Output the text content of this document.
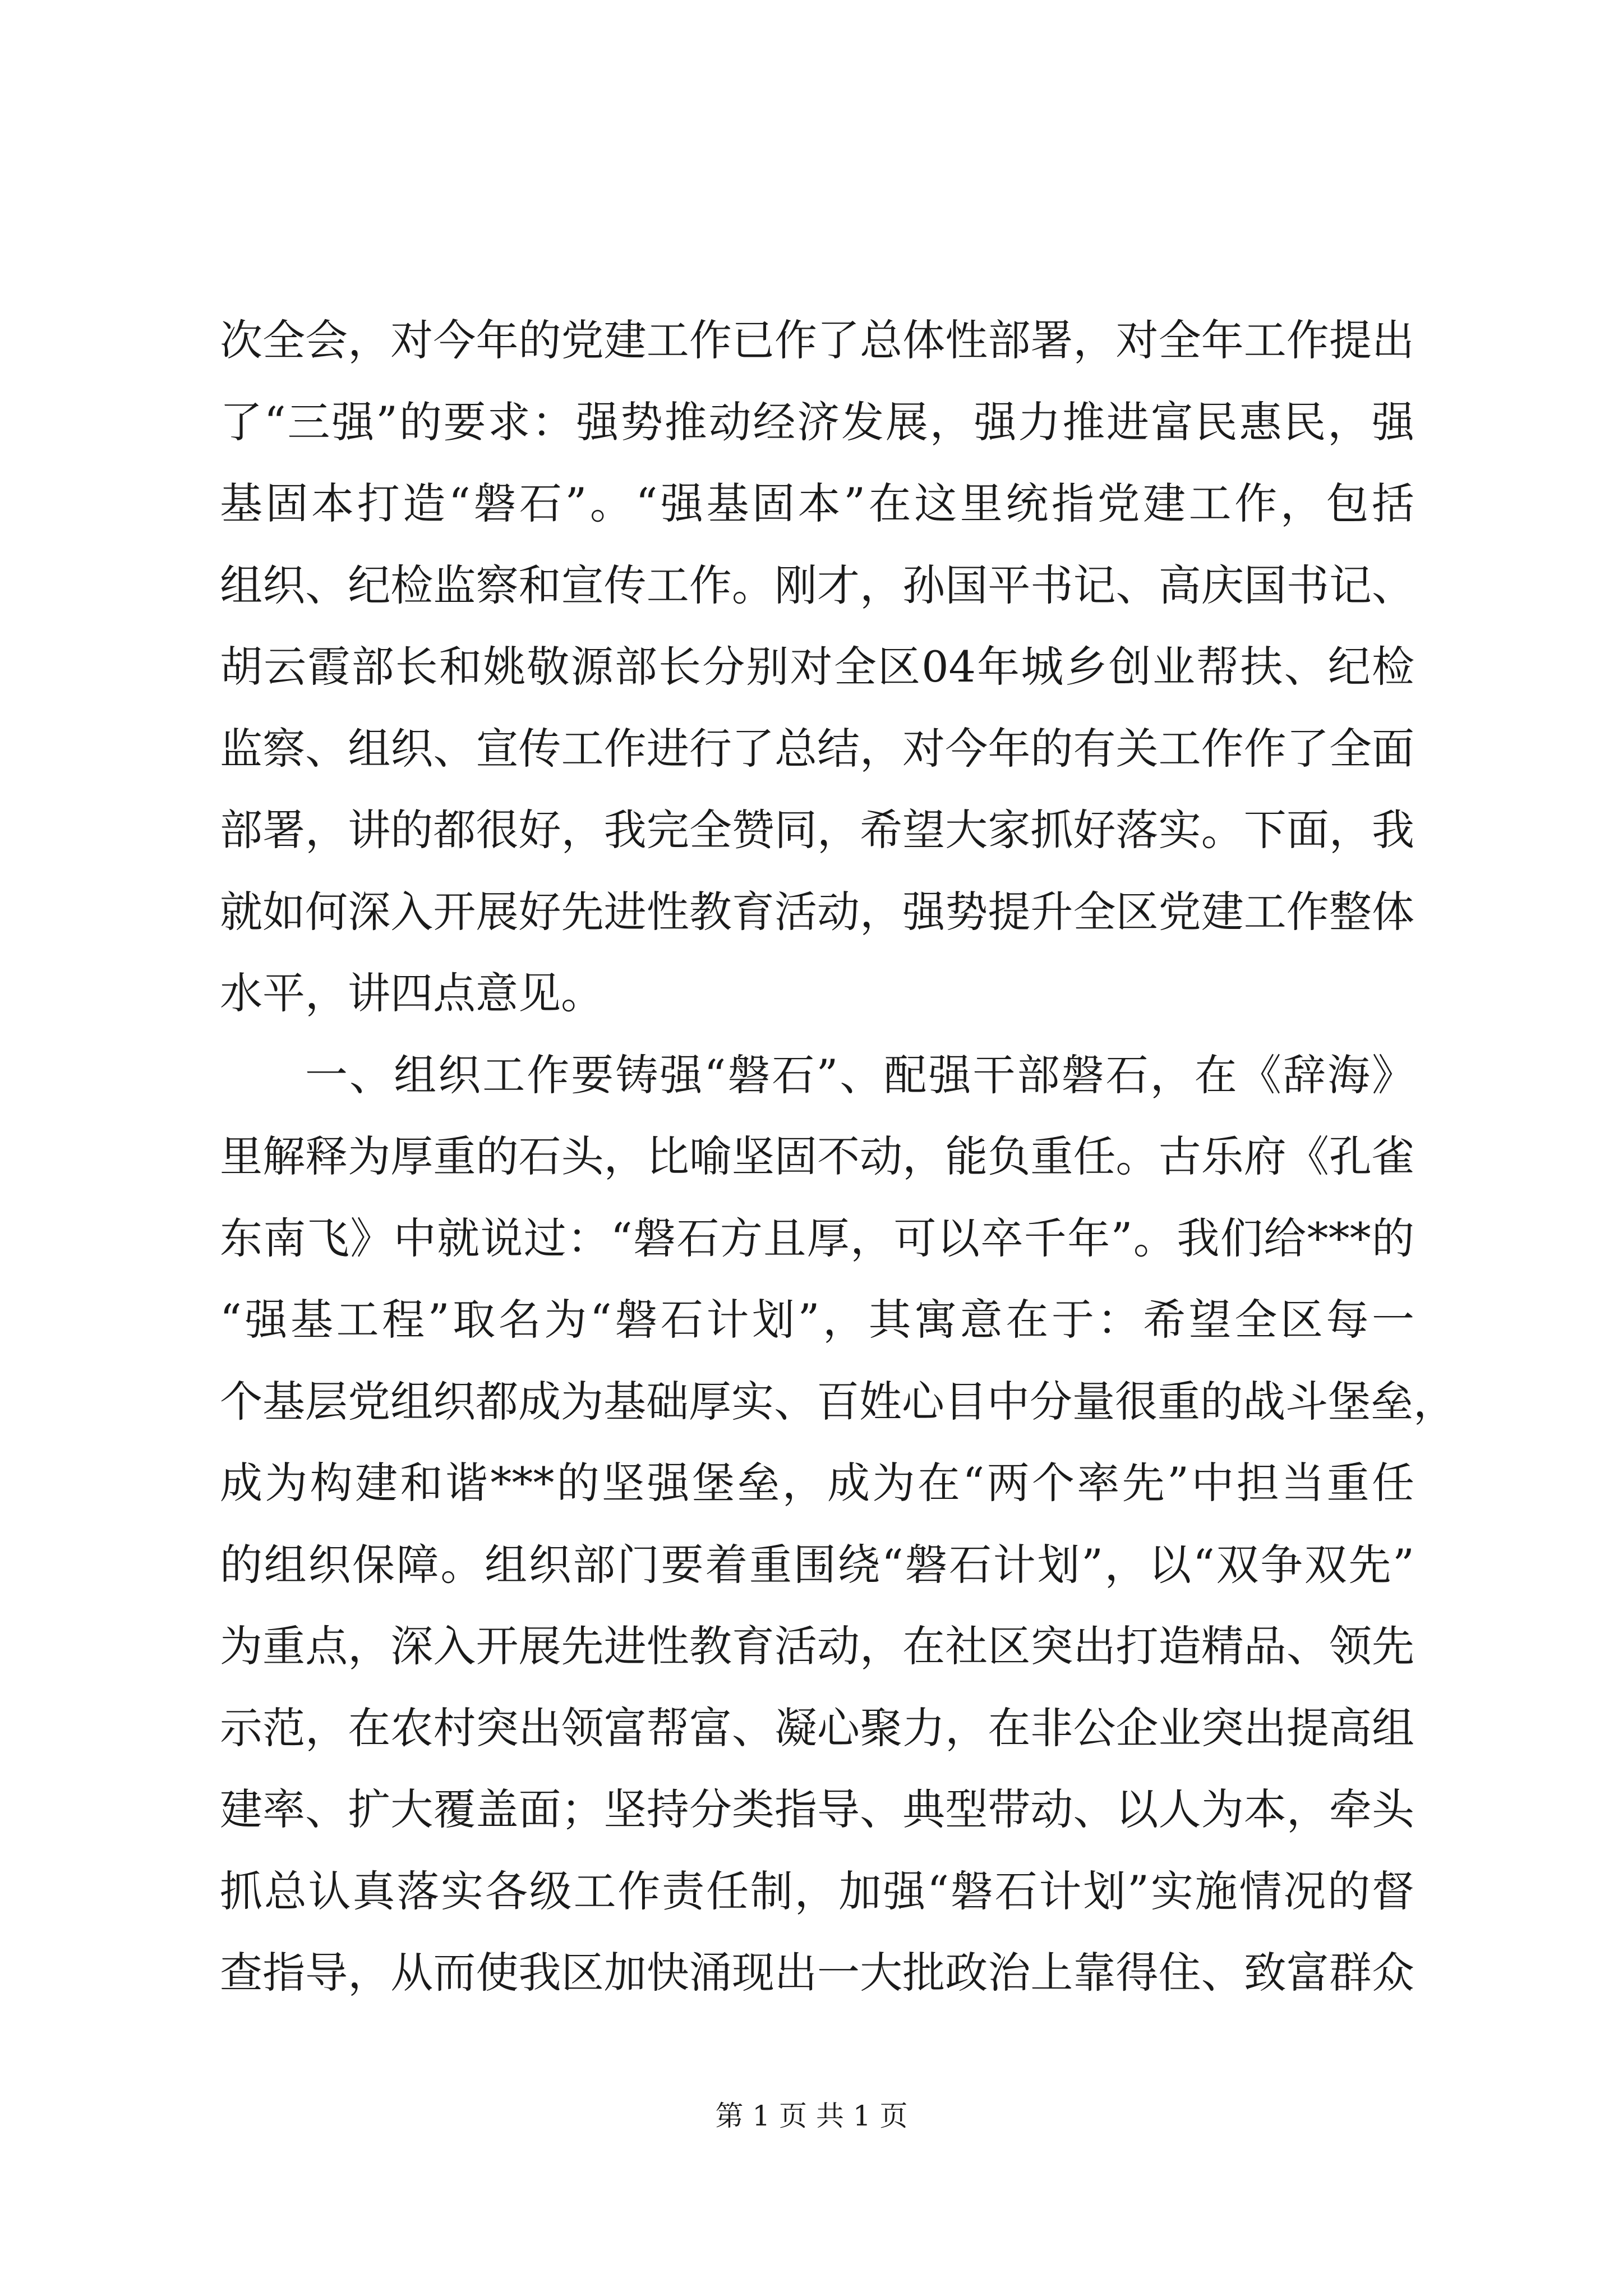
次全会，对今年的党建工作已作了总体性部署，对全年工作提出
了“三强”的要求：强势推动经济发展，强力推进富民惠民，强
基固本打造“磐石”。“强基固本”在这里统指党建工作，包括
组织、纪检监察和宣传工作。刚才，孙国平书记、高庆国书记、
胡云霞部长和姚敬源部长分别对全区04年城乡创业帮扶、纪检
监察、组织、宣传工作进行了总结，对今年的有关工作作了全面
部署，讲的都很好，我完全赞同，希望大家抓好落实。下面，我
就如何深入开展好先进性教育活动，强势提升全区党建工作整体
水平，讲四点意见。
一、组织工作要铸强“磐石”、配强干部磐石，在《辞海》
里解释为厚重的石头，比喻坚固不动，能负重任。古乐府《孔雀
东南飞》中就说过：“磐石方且厚，可以卒千年”。我们给***的
“强基工程”取名为“磐石计划”，其寓意在于：希望全区每一
个基层党组织都成为基础厚实、百姓心目中分量很重的战斗堡垒，
成为构建和谐***的坚强堡垒，成为在“两个率先”中担当重任
的组织保障。组织部门要着重围绕“磐石计划”，以“双争双先”
为重点，深入开展先进性教育活动，在社区突出打造精品、领先
示范，在农村突出领富帮富、凝心聚力，在非公企业突出提高组
建率、扩大覆盖面；坚持分类指导、典型带动、以人为本，牵头
抓总认真落实各级工作责任制，加强“磐石计划”实施情况的督
查指导，从而使我区加快涌现出一大批政治上靠得住、致富群众
第 1 页 共 1 页
